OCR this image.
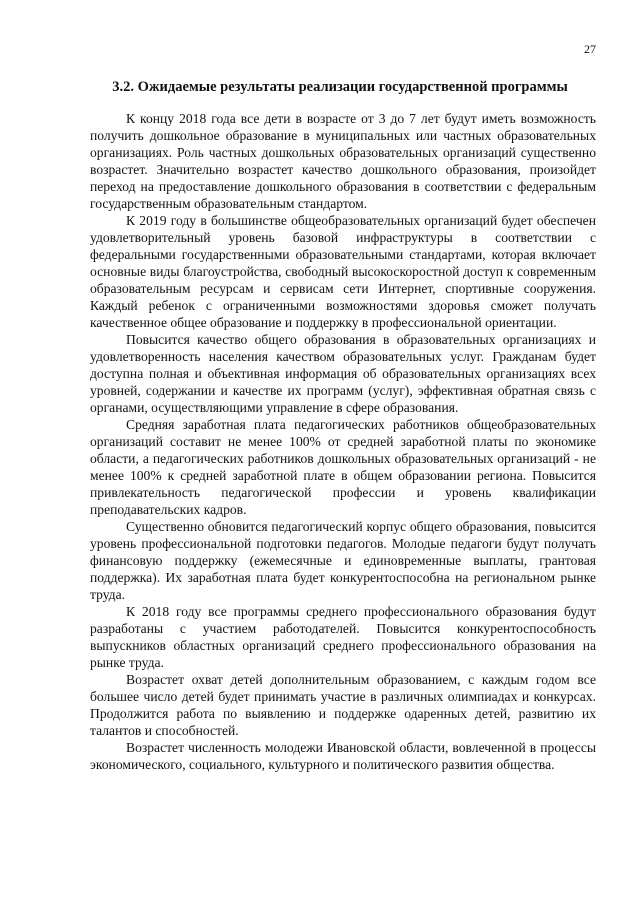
27
3.2. Ожидаемые результаты реализации государственной программы

К концу 2018 года все дети в возрасте от 3 до 7 лет будут иметь возможность получить дошкольное образование в муниципальных или частных образовательных организациях. Роль частных дошкольных образовательных организаций существенно возрастет. Значительно возрастет качество дошкольного образования, произойдет переход на предоставление дошкольного образования в соответствии с федеральным государственным образовательным стандартом.

К 2019 году в большинстве общеобразовательных организаций будет обеспечен удовлетворительный уровень базовой инфраструктуры в соответствии с федеральными государственными образовательными стандартами, которая включает основные виды благоустройства, свободный высокоскоростной доступ к современным образовательным ресурсам и сервисам сети Интернет, спортивные сооружения. Каждый ребенок с ограниченными возможностями здоровья сможет получать качественное общее образование и поддержку в профессиональной ориентации.

Повысится качество общего образования в образовательных организациях и удовлетворенность населения качеством образовательных услуг. Гражданам будет доступна полная и объективная информация об образовательных организациях всех уровней, содержании и качестве их программ (услуг), эффективная обратная связь с органами, осуществляющими управление в сфере образования.

Средняя заработная плата педагогических работников общеобразовательных организаций составит не менее 100% от средней заработной платы по экономике области, а педагогических работников дошкольных образовательных организаций - не менее 100% к средней заработной плате в общем образовании региона. Повысится привлекательность педагогической профессии и уровень квалификации преподавательских кадров.

Существенно обновится педагогический корпус общего образования, повысится уровень профессиональной подготовки педагогов. Молодые педагоги будут получать финансовую поддержку (ежемесячные и единовременные выплаты, грантовая поддержка). Их заработная плата будет конкурентоспособна на региональном рынке труда.

К 2018 году все программы среднего профессионального образования будут разработаны с участием работодателей. Повысится конкурентоспособность выпускников областных организаций среднего профессионального образования на рынке труда.

Возрастет охват детей дополнительным образованием, с каждым годом все большее число детей будет принимать участие в различных олимпиадах и конкурсах. Продолжится работа по выявлению и поддержке одаренных детей, развитию их талантов и способностей.

Возрастет численность молодежи Ивановской области, вовлеченной в процессы экономического, социального, культурного и политического развития общества.
